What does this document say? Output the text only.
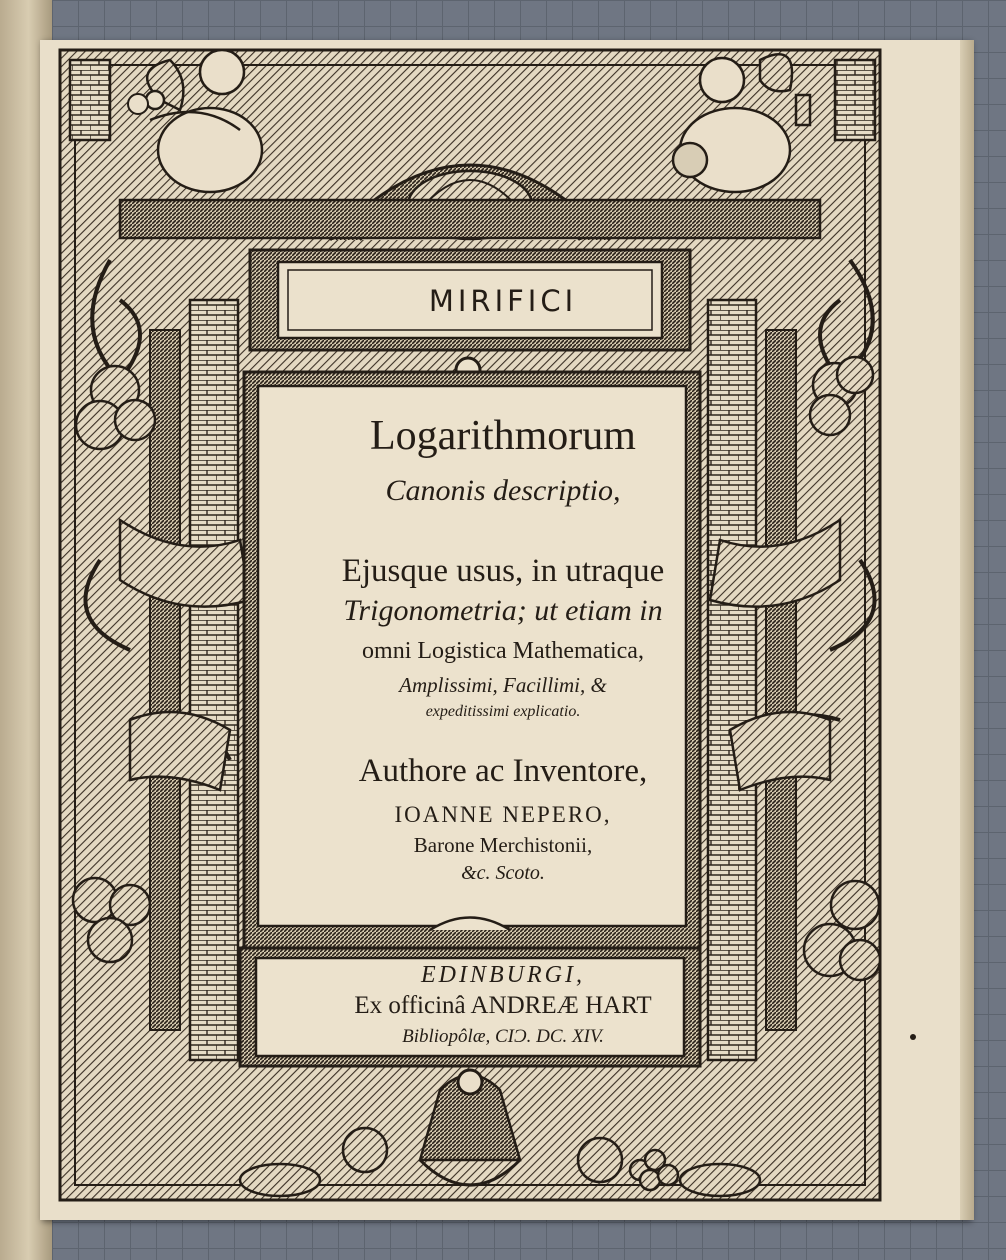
MIRIFICI
Logarithmorum
Canonis descriptio,
Ejusque usus, in utraque
Trigonometria; ut etiam in
omni Logistica Mathematica,
Amplissimi, Facillimi, &
expeditissimi explicatio.
Authore ac Inventore,
IOANNE NEPERO,
Barone Merchistonii,
&c. Scoto.
EDINBURGI,
Ex officinâ ANDREÆ HART
Bibliopôlæ, CIƆ. DC. XIV.
